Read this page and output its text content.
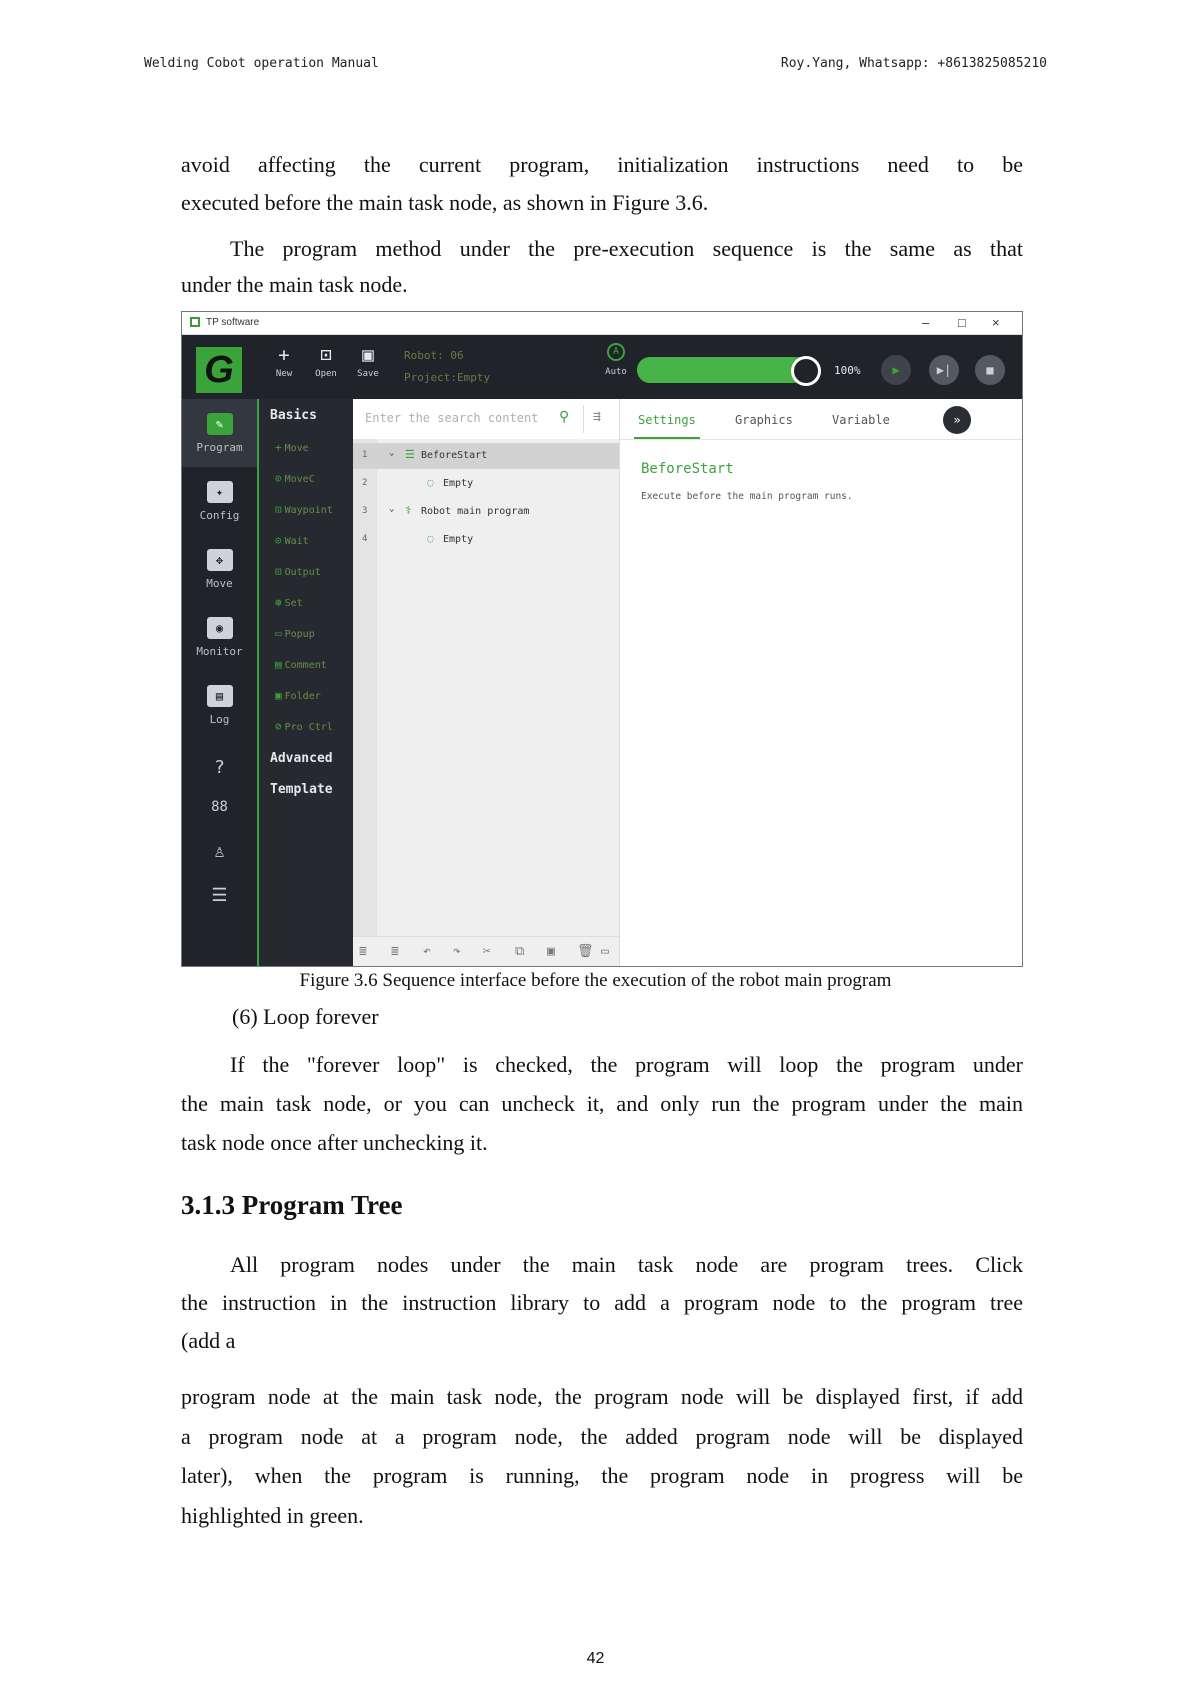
Welding Cobot operation Manual	Roy.Yang, Whatsapp: +8613825085210

avoid affecting the current program, initialization instructions need to be

executed before the main task node, as shown in Figure 3.6.

The program method under the pre-execution sequence is the same as that

under the main task node.

TP software	– □ ×
G	+
New
⊡
Open
▣
Save
Robot: 06
Project:Empty
A
Auto	100%	▶	▶|	■
✎
Program
✦
Config
✥
Move
◉
Monitor
▤
Log
?
88
♙
☰
Basics
+ Move
⊙ MoveC
⊡ Waypoint
⊙ Wait
⊡ Output
⊛ Set
▭ Popup
▤ Comment
▣ Folder
⊘ Pro Ctrl
Advanced
Template
Enter the search content ⚲ ⇶
1 ⌄ ☰ BeforeStart
2	◌ Empty
3 ⌄ ⚕ Robot main program
4	◌ Empty
≣ ≣ ↶ ↷ ✂ ⧉ ▣ 🗑 ▭
Settings	Graphics	Variable	»
BeforeStart
Execute before the main program runs.
Figure 3.6 Sequence interface before the execution of the robot main program

(6) Loop forever

If the "forever loop" is checked, the program will loop the program under

the main task node, or you can uncheck it, and only run the program under the main

task node once after unchecking it.

3.1.3 Program Tree

All program nodes under the main task node are program trees. Click

the instruction in the instruction library to add a program node to the program tree

(add a

program node at the main task node, the program node will be displayed first, if add

a program node at a program node, the added program node will be displayed

later), when the program is running, the program node in progress will be

highlighted in green.

42
